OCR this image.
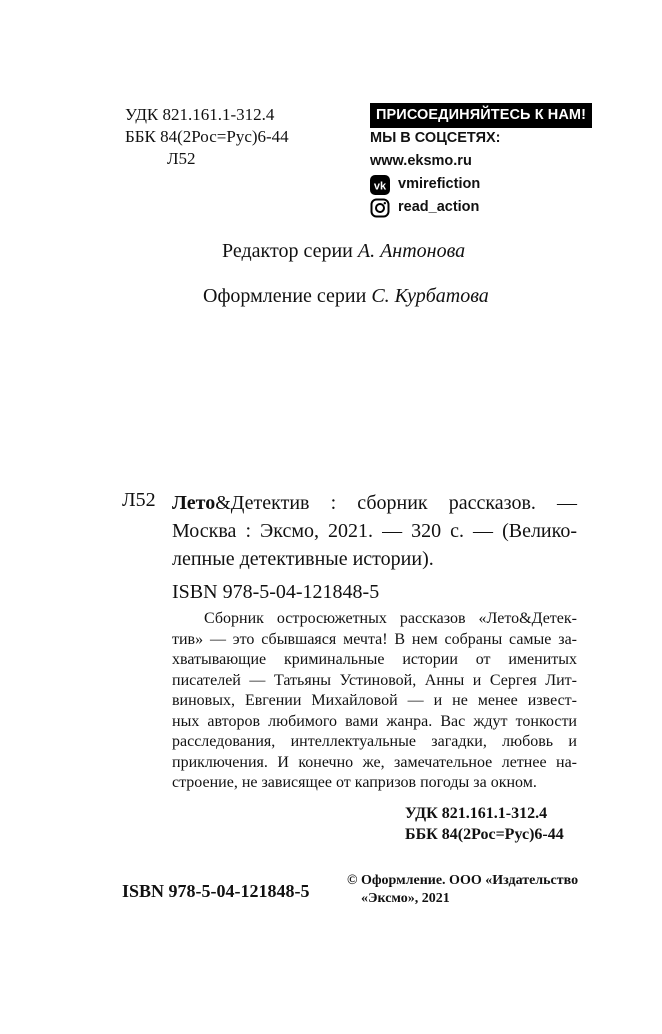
УДК 821.161.1-312.4
ББК 84(2Рос=Рус)6-44
Л52
ПРИСОЕДИНЯЙТЕСЬ К НАМ!
МЫ В СОЦСЕТЯХ:
www.eksmo.ru
vk vmirefiction
read_action
Редактор серии А. Антонова
Оформление серии С. Курбатова
Л52 Лето&Детектив : сборник рассказов. —
Москва : Эксмо, 2021. — 320 с. — (Велико-
лепные детективные истории).
ISBN 978-5-04-121848-5
Сборник остросюжетных рассказов «Лето&Детек-
тив» — это сбывшаяся мечта! В нем собраны самые за-
хватывающие криминальные истории от именитых
писателей — Татьяны Устиновой, Анны и Сергея Лит-
виновых, Евгении Михайловой — и не менее извест-
ных авторов любимого вами жанра. Вас ждут тонкости
расследования, интеллектуальные загадки, любовь и
приключения. И конечно же, замечательное летнее на-
строение, не зависящее от капризов погоды за окном.
УДК 821.161.1-312.4
ББК 84(2Рос=Рус)6-44
ISBN 978-5-04-121848-5
© Оформление. ООО «Издательство
«Эксмо», 2021
